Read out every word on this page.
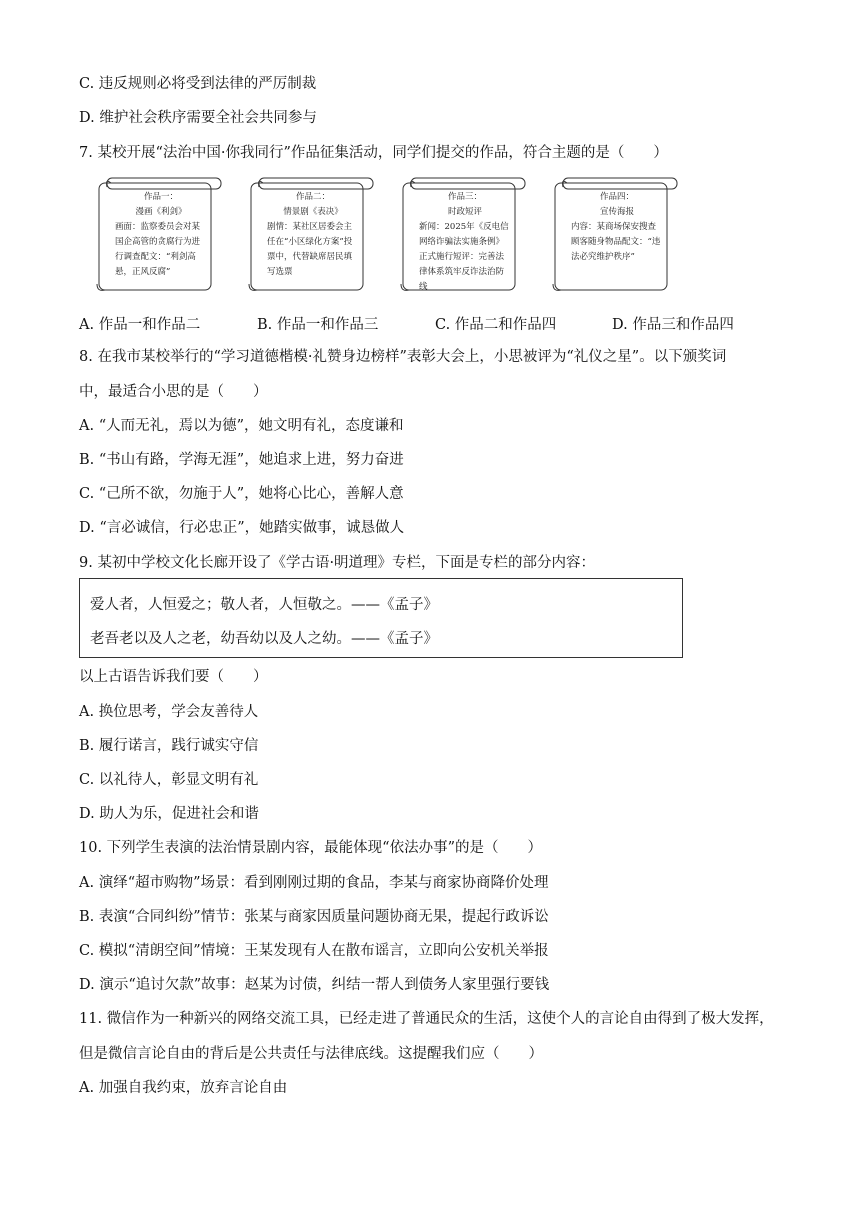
C. 违反规则必将受到法律的严厉制裁
D. 维护社会秩序需要全社会共同参与
7. 某校开展“法治中国·你我同行”作品征集活动，同学们提交的作品，符合主题的是（　　）
作品一：
漫画《利剑》
画面：监察委员会对某国企高管的贪腐行为进行调查配文：“利剑高悬，正风反腐”
作品二：
情景剧《表决》
剧情：某社区居委会主任在“小区绿化方案”投票中，代替缺席居民填写选票
作品三：
时政短评
新闻：2025年《反电信网络诈骗法实施条例》正式施行短评：完善法律体系筑牢反诈法治防线
作品四：
宣传海报
内容：某商场保安搜查顾客随身物品配文：“违法必究维护秩序”
A. 作品一和作品二	B. 作品一和作品三	C. 作品二和作品四	D. 作品三和作品四
8. 在我市某校举行的“学习道德楷模·礼赞身边榜样”表彰大会上，小思被评为“礼仪之星”。以下颁奖词
中，最适合小思的是（　　）
A. “人而无礼，焉以为德”，她文明有礼，态度谦和
B. “书山有路，学海无涯”，她追求上进，努力奋进
C. “己所不欲，勿施于人”，她将心比心，善解人意
D. “言必诚信，行必忠正”，她踏实做事，诚恳做人
9. 某初中学校文化长廊开设了《学古语·明道理》专栏，下面是专栏的部分内容：
爱人者，人恒爱之；敬人者，人恒敬之。——《孟子》
老吾老以及人之老，幼吾幼以及人之幼。——《孟子》
以上古语告诉我们要（　　）
A. 换位思考，学会友善待人
B. 履行诺言，践行诚实守信
C. 以礼待人，彰显文明有礼
D. 助人为乐，促进社会和谐
10. 下列学生表演的法治情景剧内容，最能体现“依法办事”的是（　　）
A. 演绎“超市购物”场景：看到刚刚过期的食品，李某与商家协商降价处理
B. 表演“合同纠纷”情节：张某与商家因质量问题协商无果，提起行政诉讼
C. 模拟“清朗空间”情境：王某发现有人在散布谣言，立即向公安机关举报
D. 演示“追讨欠款”故事：赵某为讨债，纠结一帮人到债务人家里强行要钱
11. 微信作为一种新兴的网络交流工具，已经走进了普通民众的生活，这使个人的言论自由得到了极大发挥，
但是微信言论自由的背后是公共责任与法律底线。这提醒我们应（　　）
A. 加强自我约束，放弃言论自由
